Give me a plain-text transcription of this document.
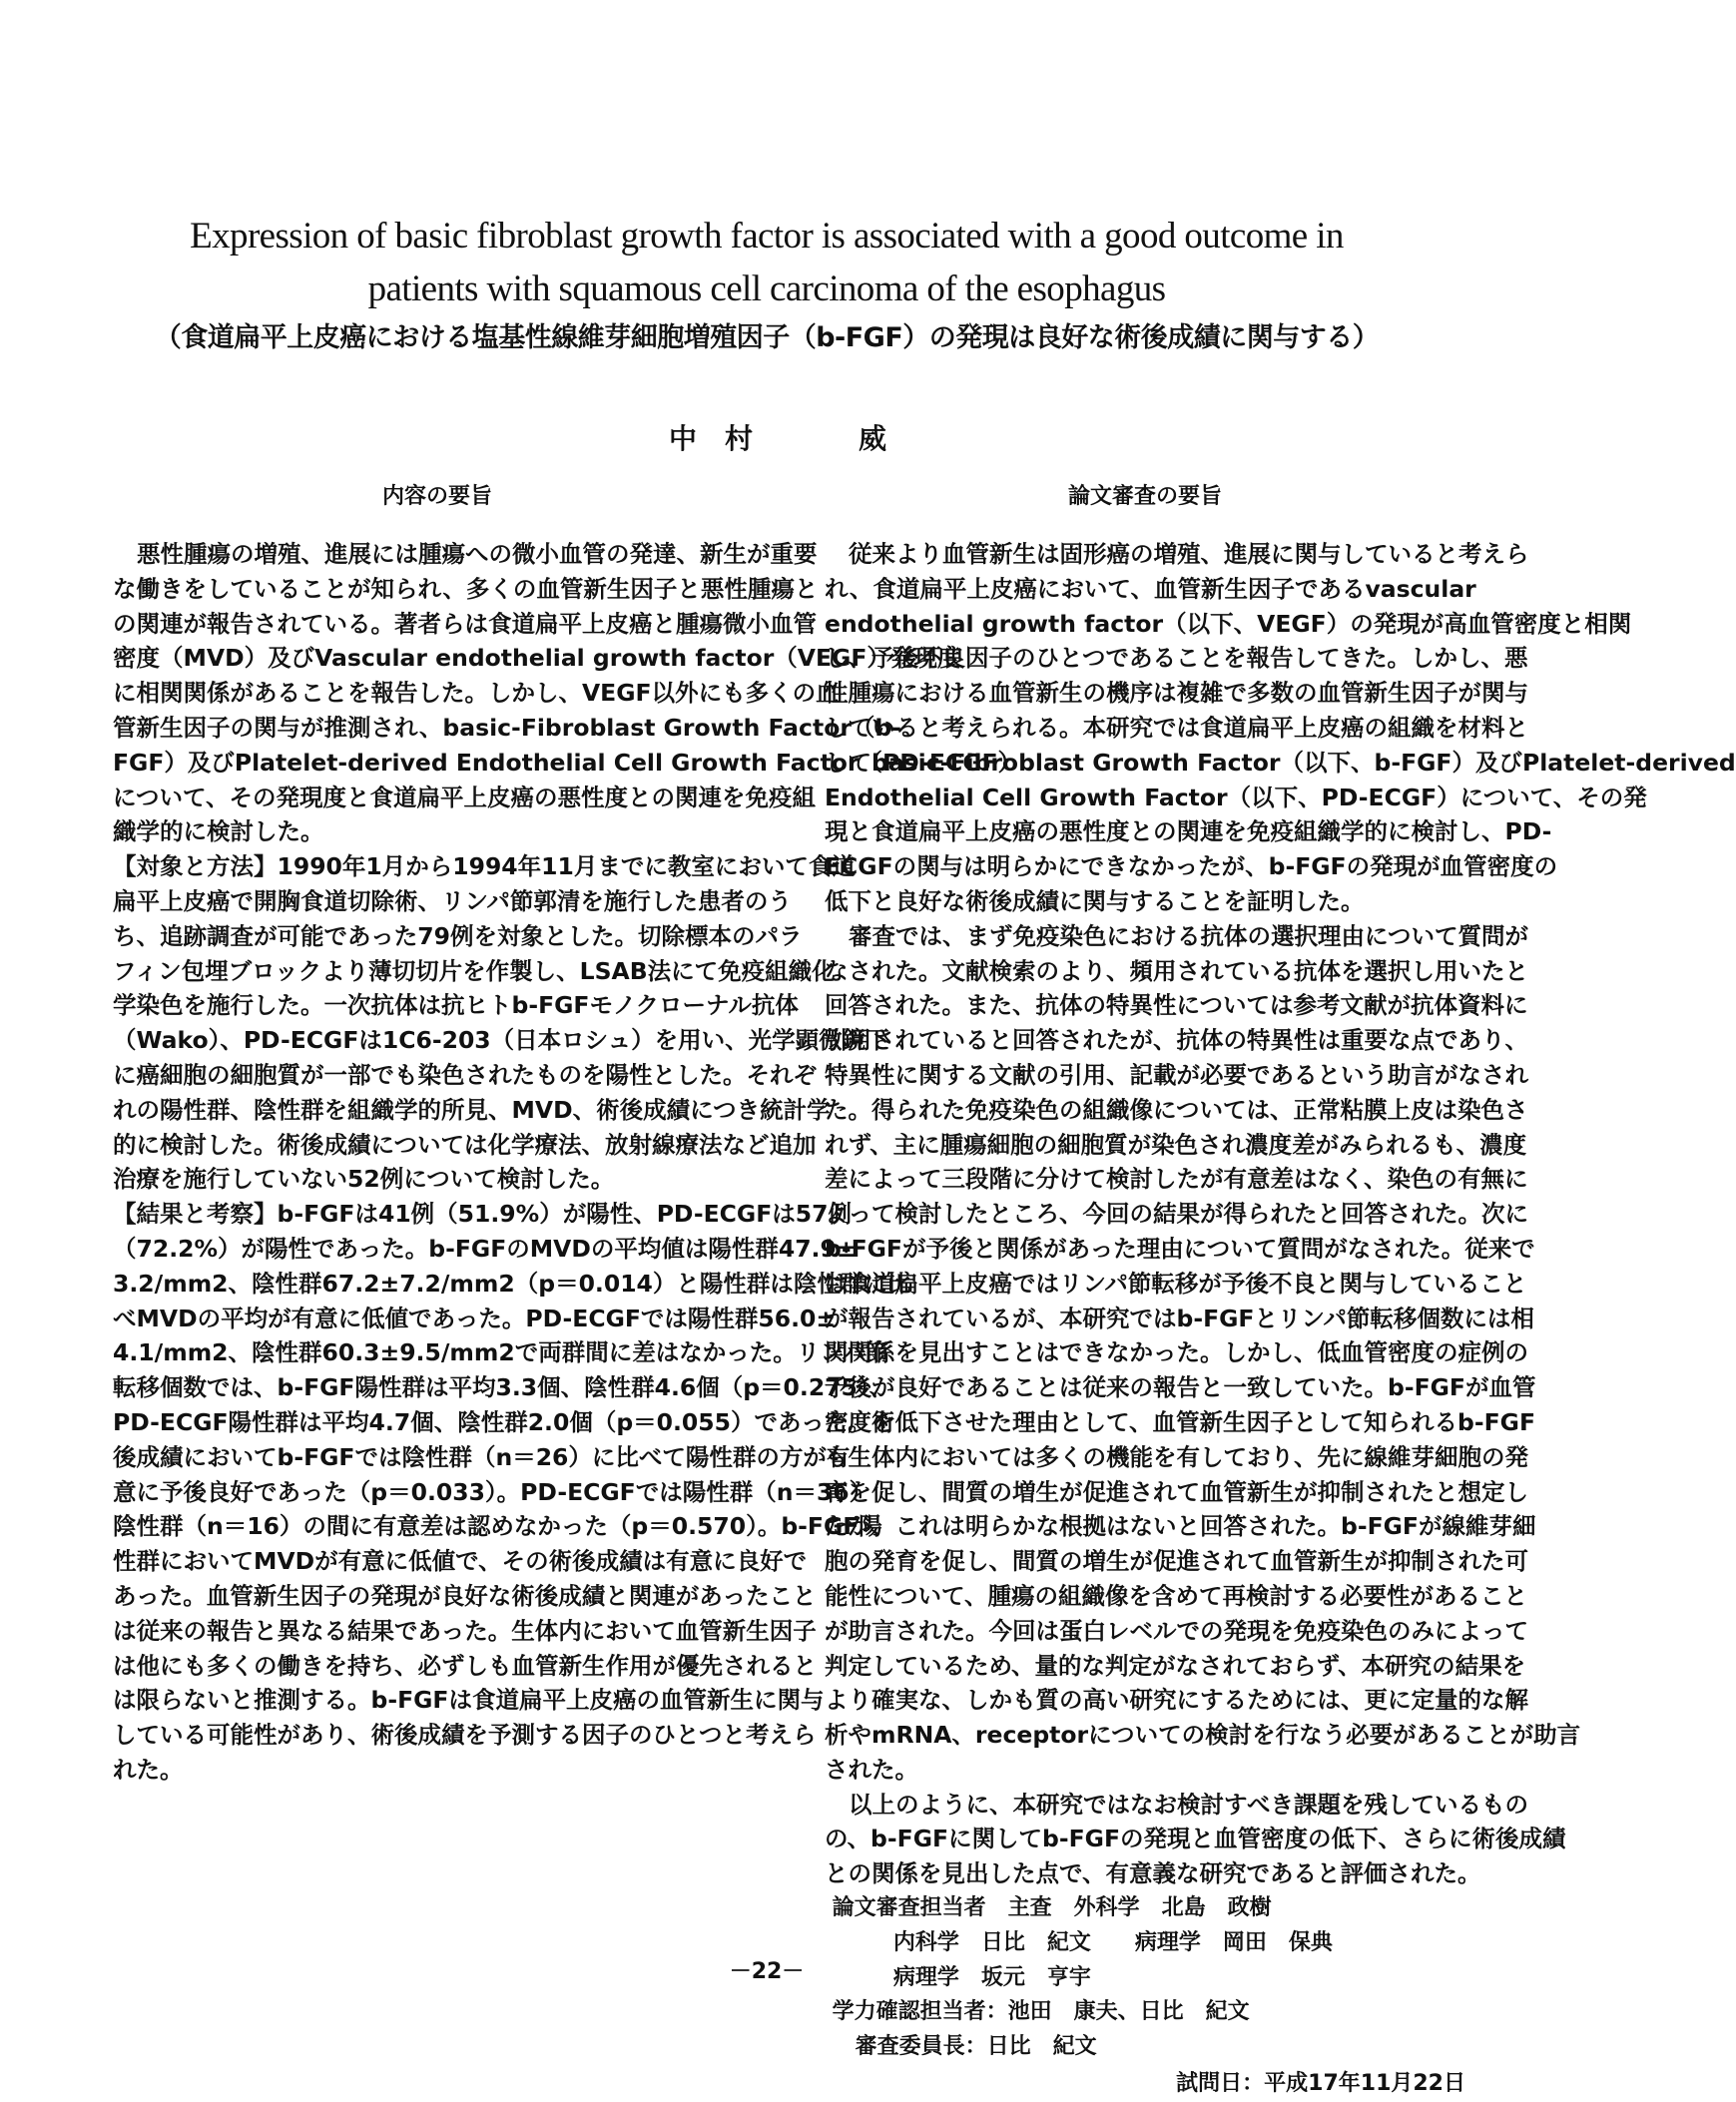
Expression of basic fibroblast growth factor is associated with a good outcome in
patients with squamous cell carcinoma of the esophagus
（食道扁平上皮癌における塩基性線維芽細胞増殖因子（b-FGF）の発現は良好な術後成績に関与する）
中 村	威
内容の要旨	論文審査の要旨
悪性腫瘍の増殖、進展には腫瘍への微小血管の発達、新生が重要
な働きをしていることが知られ、多くの血管新生因子と悪性腫瘍と
の関連が報告されている。著者らは食道扁平上皮癌と腫瘍微小血管
密度（MVD）及びVascular endothelial growth factor（VEGF）発現度
に相関関係があることを報告した。しかし、VEGF以外にも多くの血
管新生因子の関与が推測され、basic-Fibroblast Growth Factor（b-
FGF）及びPlatelet-derived Endothelial Cell Growth Factor（PD-ECGF）
について、その発現度と食道扁平上皮癌の悪性度との関連を免疫組
織学的に検討した。
【対象と方法】1990年1月から1994年11月までに教室において食道
扁平上皮癌で開胸食道切除術、リンパ節郭清を施行した患者のう
ち、追跡調査が可能であった79例を対象とした。切除標本のパラ
フィン包埋ブロックより薄切切片を作製し、LSAB法にて免疫組織化
学染色を施行した。一次抗体は抗ヒトb-FGFモノクローナル抗体
（Wako）、PD-ECGFは1C6-203（日本ロシュ）を用い、光学顕微鏡下
に癌細胞の細胞質が一部でも染色されたものを陽性とした。それぞ
れの陽性群、陰性群を組織学的所見、MVD、術後成績につき統計学
的に検討した。術後成績については化学療法、放射線療法など追加
治療を施行していない52例について検討した。
【結果と考察】b-FGFは41例（51.9%）が陽性、PD-ECGFは57例
（72.2%）が陽性であった。b-FGFのMVDの平均値は陽性群47.9±
3.2/mm2、陰性群67.2±7.2/mm2（p＝0.014）と陽性群は陰性群に比
べMVDの平均が有意に低値であった。PD-ECGFでは陽性群56.0±
4.1/mm2、陰性群60.3±9.5/mm2で両群間に差はなかった。リンパ節
転移個数では、b-FGF陽性群は平均3.3個、陰性群4.6個（p＝0.275）、
PD-ECGF陽性群は平均4.7個、陰性群2.0個（p＝0.055）であった。術
後成績においてb-FGFでは陰性群（n＝26）に比べて陽性群の方が有
意に予後良好であった（p＝0.033）。PD-ECGFでは陽性群（n＝36）
陰性群（n＝16）の間に有意差は認めなかった（p＝0.570）。b-FGF陽
性群においてMVDが有意に低値で、その術後成績は有意に良好で
あった。血管新生因子の発現が良好な術後成績と関連があったこと
は従来の報告と異なる結果であった。生体内において血管新生因子
は他にも多くの働きを持ち、必ずしも血管新生作用が優先されると
は限らないと推測する。b-FGFは食道扁平上皮癌の血管新生に関与
している可能性があり、術後成績を予測する因子のひとつと考えら
れた。
従来より血管新生は固形癌の増殖、進展に関与していると考えら
れ、食道扁平上皮癌において、血管新生因子であるvascular
endothelial growth factor（以下、VEGF）の発現が高血管密度と相関
し、予後不良因子のひとつであることを報告してきた。しかし、悪
性腫瘍における血管新生の機序は複雑で多数の血管新生因子が関与
していると考えられる。本研究では食道扁平上皮癌の組織を材料と
してbasic-Fibroblast Growth Factor（以下、b-FGF）及びPlatelet-derived
Endothelial Cell Growth Factor（以下、PD-ECGF）について、その発
現と食道扁平上皮癌の悪性度との関連を免疫組織学的に検討し、PD-
ECGFの関与は明らかにできなかったが、b-FGFの発現が血管密度の
低下と良好な術後成績に関与することを証明した。
審査では、まず免疫染色における抗体の選択理由について質問が
なされた。文献検索のより、頻用されている抗体を選択し用いたと
回答された。また、抗体の特異性については参考文献が抗体資料に
引用されていると回答されたが、抗体の特異性は重要な点であり、
特異性に関する文献の引用、記載が必要であるという助言がなされ
た。得られた免疫染色の組織像については、正常粘膜上皮は染色さ
れず、主に腫瘍細胞の細胞質が染色され濃度差がみられるも、濃度
差によって三段階に分けて検討したが有意差はなく、染色の有無に
よって検討したところ、今回の結果が得られたと回答された。次に
b-FGFが予後と関係があった理由について質問がなされた。従来で
は食道扁平上皮癌ではリンパ節転移が予後不良と関与していること
が報告されているが、本研究ではb-FGFとリンパ節転移個数には相
関関係を見出すことはできなかった。しかし、低血管密度の症例の
予後が良好であることは従来の報告と一致していた。b-FGFが血管
密度を低下させた理由として、血管新生因子として知られるb-FGF
も生体内においては多くの機能を有しており、先に線維芽細胞の発
育を促し、間質の増生が促進されて血管新生が抑制されたと想定し
たが、これは明らかな根拠はないと回答された。b-FGFが線維芽細
胞の発育を促し、間質の増生が促進されて血管新生が抑制された可
能性について、腫瘍の組織像を含めて再検討する必要性があること
が助言された。今回は蛋白レベルでの発現を免疫染色のみによって
判定しているため、量的な判定がなされておらず、本研究の結果を
より確実な、しかも質の高い研究にするためには、更に定量的な解
析やmRNA、receptorについての検討を行なう必要があることが助言
された。
以上のように、本研究ではなお検討すべき課題を残しているもの
の、b-FGFに関してb-FGFの発現と血管密度の低下、さらに術後成績
との関係を見出した点で、有意義な研究であると評価された。
論文審査担当者　主査　外科学　北島　政樹
内科学　日比　紀文　　病理学　岡田　保典
病理学　坂元　亨宇
学力確認担当者：池田　康夫、日比　紀文
審査委員長：日比　紀文
試問日：平成17年11月22日
－22－
